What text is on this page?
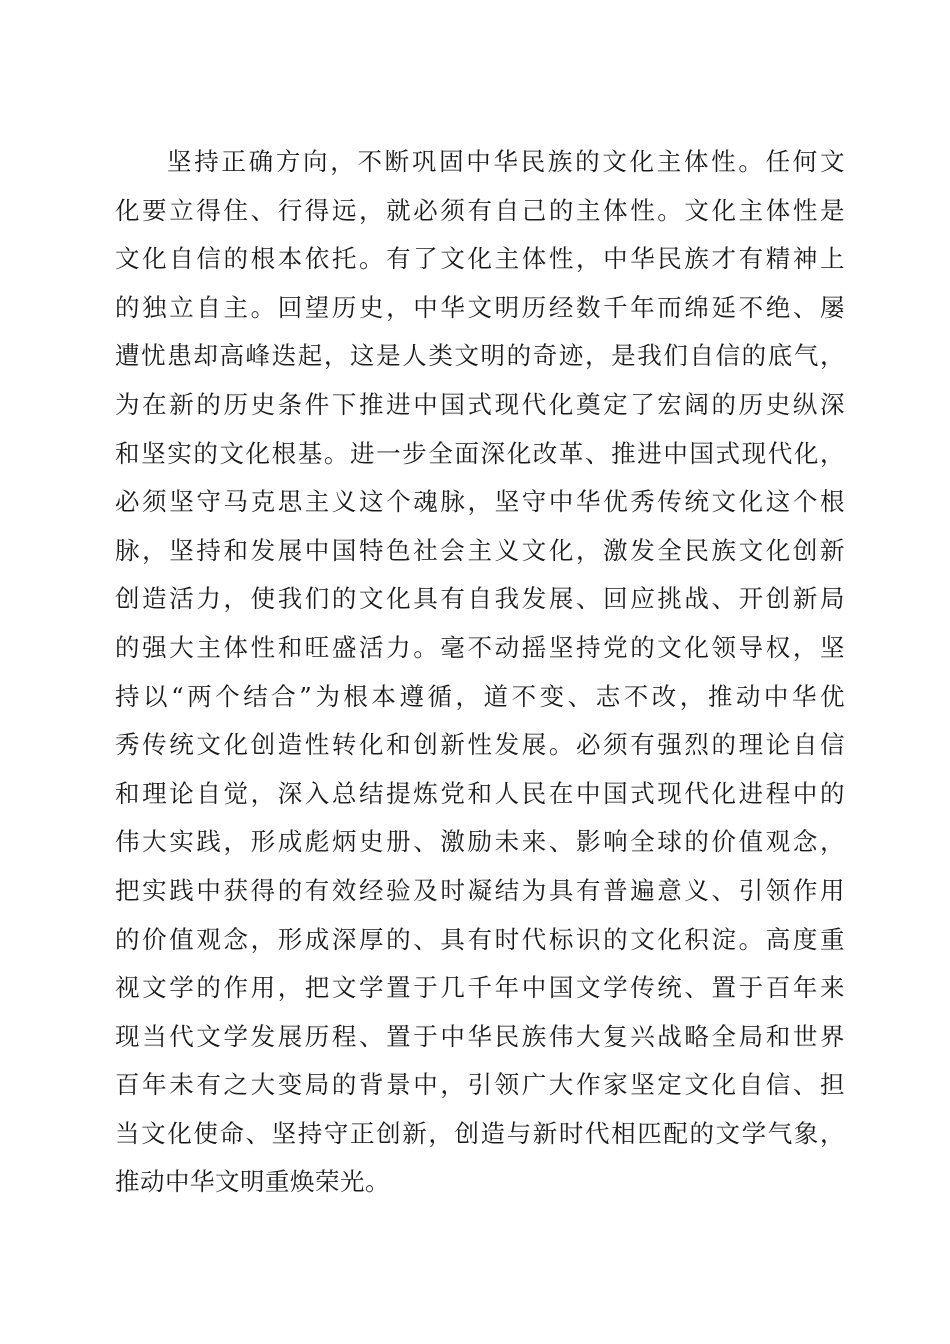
坚持正确方向，不断巩固中华民族的文化主体性。任何文
化要立得住、行得远，就必须有自己的主体性。文化主体性是
文化自信的根本依托。有了文化主体性，中华民族才有精神上
的独立自主。回望历史，中华文明历经数千年而绵延不绝、屡
遭忧患却高峰迭起，这是人类文明的奇迹，是我们自信的底气，
为在新的历史条件下推进中国式现代化奠定了宏阔的历史纵深
和坚实的文化根基。进一步全面深化改革、推进中国式现代化，
必须坚守马克思主义这个魂脉，坚守中华优秀传统文化这个根
脉，坚持和发展中国特色社会主义文化，激发全民族文化创新
创造活力，使我们的文化具有自我发展、回应挑战、开创新局
的强大主体性和旺盛活力。毫不动摇坚持党的文化领导权，坚
持以“两个结合”为根本遵循，道不变、志不改，推动中华优
秀传统文化创造性转化和创新性发展。必须有强烈的理论自信
和理论自觉，深入总结提炼党和人民在中国式现代化进程中的
伟大实践，形成彪炳史册、激励未来、影响全球的价值观念，
把实践中获得的有效经验及时凝结为具有普遍意义、引领作用
的价值观念，形成深厚的、具有时代标识的文化积淀。高度重
视文学的作用，把文学置于几千年中国文学传统、置于百年来
现当代文学发展历程、置于中华民族伟大复兴战略全局和世界
百年未有之大变局的背景中，引领广大作家坚定文化自信、担
当文化使命、坚持守正创新，创造与新时代相匹配的文学气象，
推动中华文明重焕荣光。
